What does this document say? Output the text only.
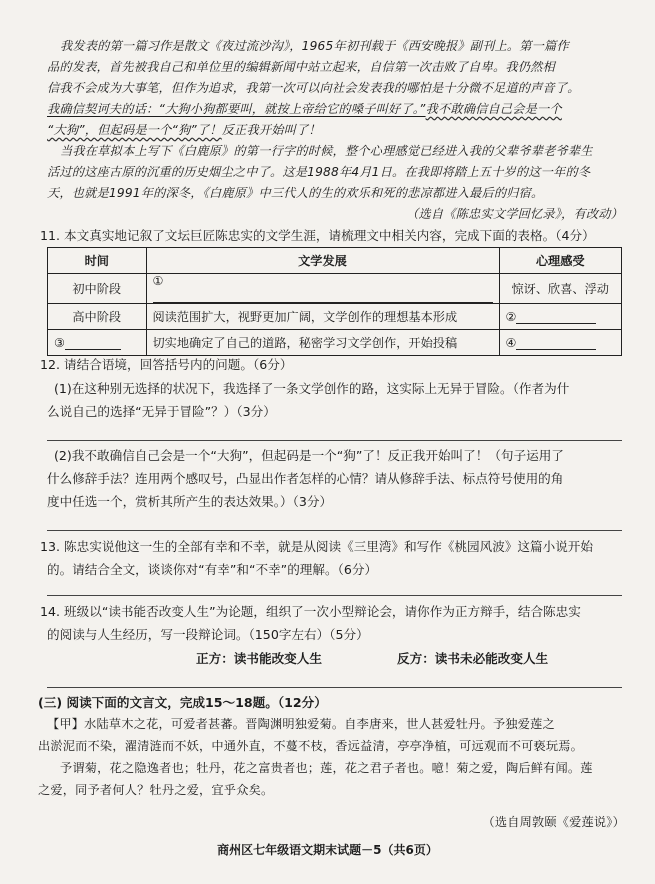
我发表的第一篇习作是散文《夜过流沙沟》，1965年初刊载于《西安晚报》副刊上。第一篇作

品的发表，首先被我自己和单位里的编辑新闻中站立起来，自信第一次击败了自卑。我仍然相

信我不会成为大事笔，但作为追求，我第一次可以向社会发表我的哪怕是十分微不足道的声音了。

我确信契诃夫的话：“大狗小狗都要叫，就按上帝给它的嗓子叫好了。”我不敢确信自己会是一个

“大狗”，但起码是一个“狗”了！反正我开始叫了！

当我在草拟本上写下《白鹿原》的第一行字的时候，整个心理感觉已经进入我的父辈爷辈老爷辈生

活过的这座古原的沉重的历史烟尘之中了。这是1988年4月1日。在我即将踏上五十岁的这一年的冬

天，也就是1991年的深冬，《白鹿原》中三代人的生的欢乐和死的悲凉都进入最后的归宿。

（选自《陈忠实文学回忆录》，有改动）

11. 本文真实地记叙了文坛巨匠陈忠实的文学生涯，请梳理文中相关内容，完成下面的表格。（4分）

时间	文学发展	心理感受
初中阶段	①	惊讶、欣喜、浮动
高中阶段	阅读范围扩大，视野更加广阔，文学创作的理想基本形成	②
③	切实地确定了自己的道路，秘密学习文学创作，开始投稿	④

12. 请结合语境，回答括号内的问题。（6分）

(1)在这种别无选择的状况下，我选择了一条文学创作的路，这实际上无异于冒险。（作者为什

么说自己的选择“无异于冒险”？）（3分）

(2)我不敢确信自己会是一个“大狗”，但起码是一个“狗”了！反正我开始叫了！（句子运用了

什么修辞手法？连用两个感叹号，凸显出作者怎样的心情？请从修辞手法、标点符号使用的角

度中任选一个，赏析其所产生的表达效果。）（3分）

13. 陈忠实说他这一生的全部有幸和不幸，就是从阅读《三里湾》和写作《桃园风波》这篇小说开始

的。请结合全文，谈谈你对“有幸”和“不幸”的理解。（6分）

14. 班级以“读书能否改变人生”为论题，组织了一次小型辩论会，请你作为正方辩手，结合陈忠实

的阅读与人生经历，写一段辩论词。（150字左右）（5分）

正方：读书能改变人生	反方：读书未必能改变人生

(三) 阅读下面的文言文，完成15～18题。（12分）

【甲】水陆草木之花，可爱者甚蕃。晋陶渊明独爱菊。自李唐来，世人甚爱牡丹。予独爱莲之

出淤泥而不染，濯清涟而不妖，中通外直，不蔓不枝，香远益清，亭亭净植，可远观而不可亵玩焉。

予谓菊，花之隐逸者也；牡丹，花之富贵者也；莲，花之君子者也。噫！菊之爱，陶后鲜有闻。莲

之爱，同予者何人？牡丹之爱，宜乎众矣。

（选自周敦颐《爱莲说》）

商州区七年级语文期末试题－5（共6页）
